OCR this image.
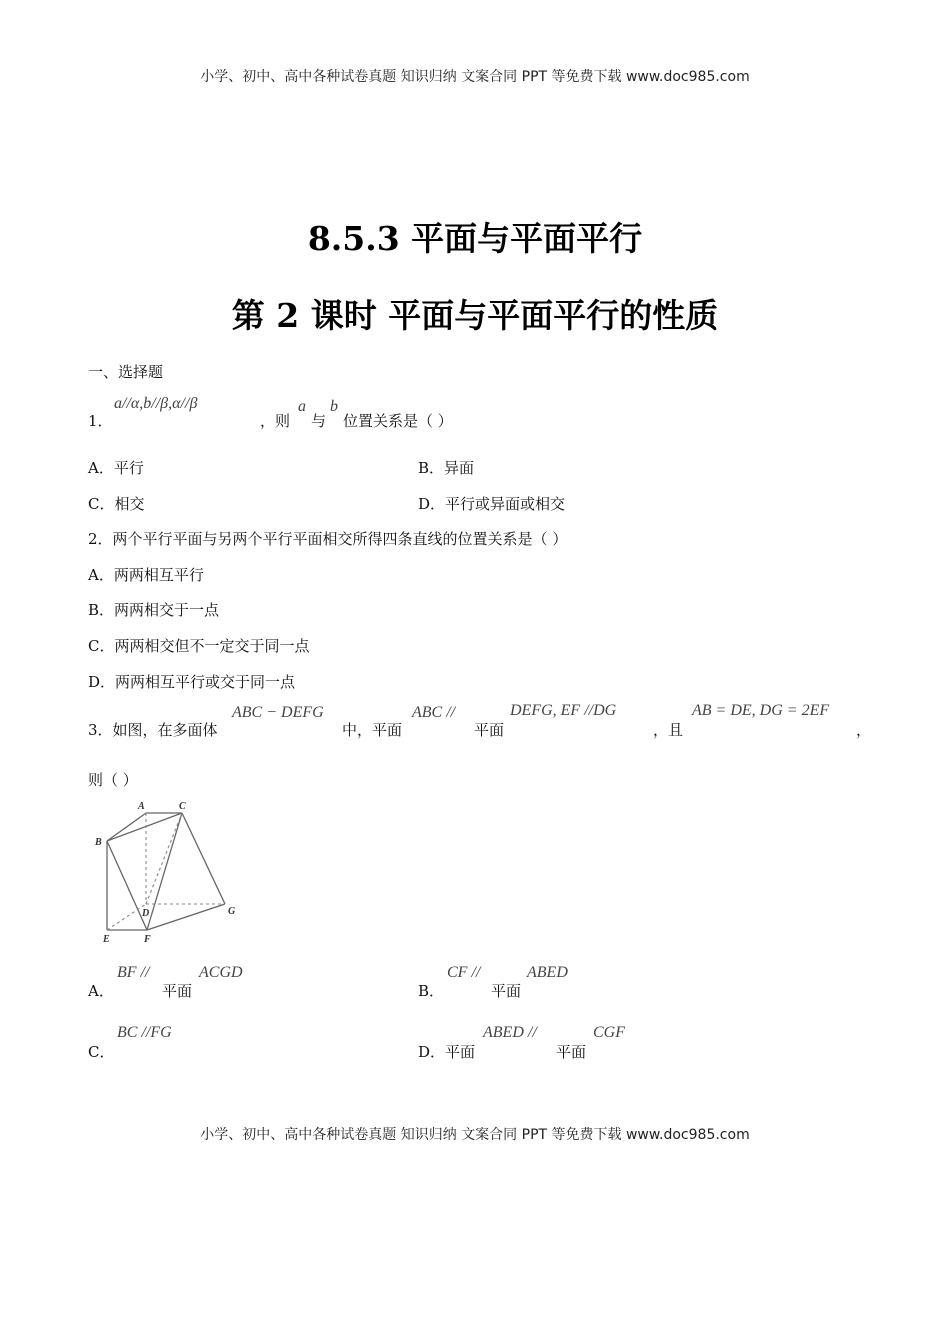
小学、初中、高中各种试卷真题 知识归纳 文案合同 PPT 等免费下载 www.doc985.com
小学、初中、高中各种试卷真题 知识归纳 文案合同 PPT 等免费下载 www.doc985.com
8.5.3 平面与平面平行
第 2 课时 平面与平面平行的性质
一、选择题
1．
a//α,b//β,α//β
，则
a
与
b
位置关系是（ ）
A．平行	B．异面
C．相交	D．平行或异面或相交
2．两个平行平面与另两个平行平面相交所得四条直线的位置关系是（ ）
A．两两相互平行
B．两两相交于一点
C．两两相交但不一定交于同一点
D．两两相互平行或交于同一点
3．如图，在多面体
ABC − DEFG
中，平面
ABC //
平面
DEFG, EF //DG
，且
AB = DE, DG = 2EF
，
则（ ）
A	C
B
D
E	F
G
A．
BF //
平面
ACGD
B．
CF //
平面
ABED
C．
BC //FG
D．平面
ABED //
平面
CGF
